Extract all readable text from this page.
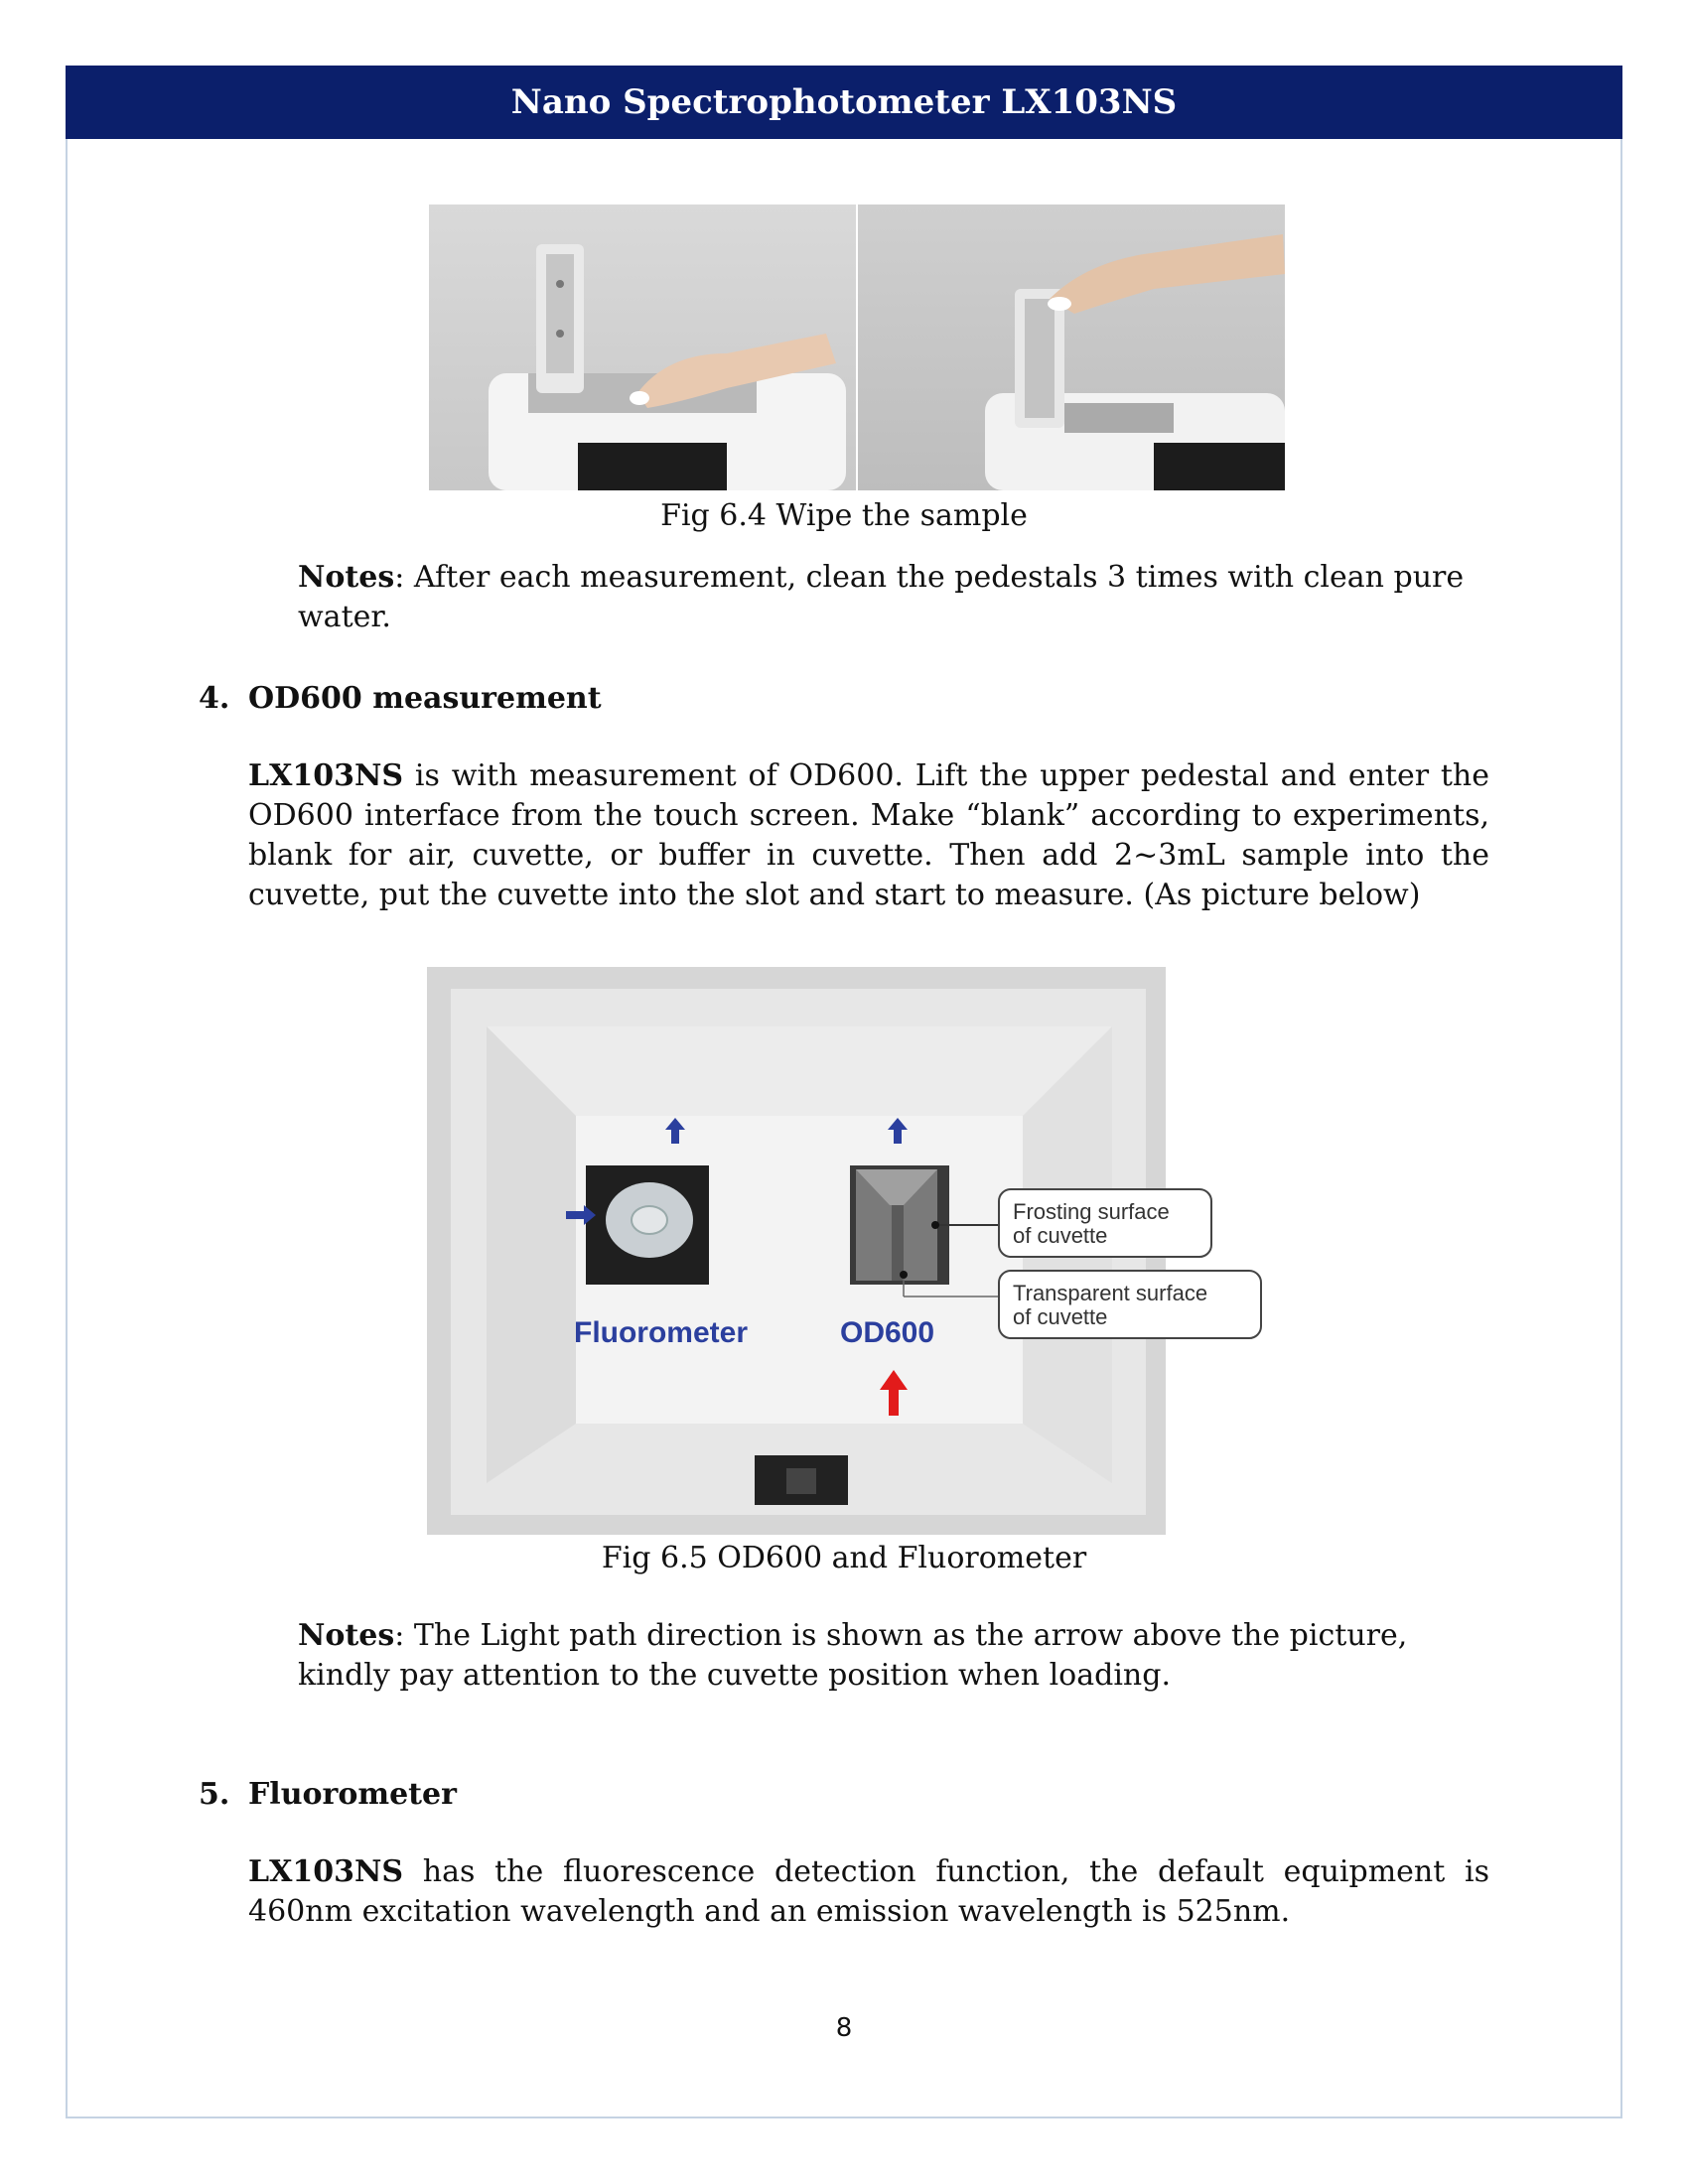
Nano Spectrophotometer LX103NS
Fig 6.4 Wipe the sample
Notes: After each measurement, clean the pedestals 3 times with clean pure water.
4. OD600 measurement
LX103NS is with measurement of OD600. Lift the upper pedestal and enter the OD600 interface from the touch screen. Make “blank” according to experiments, blank for air, cuvette, or buffer in cuvette. Then add 2~3mL sample into the cuvette, put the cuvette into the slot and start to measure. (As picture below)
Fluorometer	OD600
Frosting surface
of cuvette
Transparent surface
of cuvette
Fig 6.5 OD600 and Fluorometer
Notes: The Light path direction is shown as the arrow above the picture, kindly pay attention to the cuvette position when loading.
5. Fluorometer
LX103NS has the fluorescence detection function, the default equipment is 460nm excitation wavelength and an emission wavelength is 525nm.
8
